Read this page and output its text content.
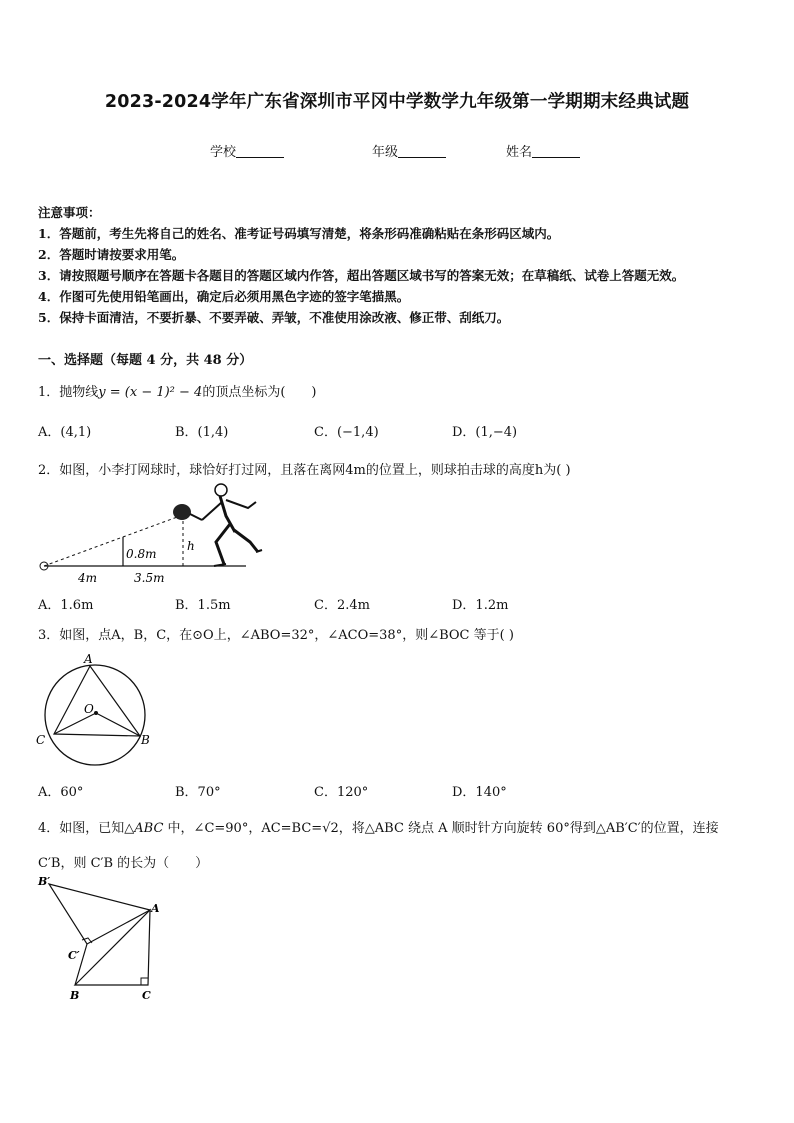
2023-2024学年广东省深圳市平冈中学数学九年级第一学期期末经典试题
学校	年级	姓名
注意事项：
1．答题前，考生先将自己的姓名、准考证号码填写清楚，将条形码准确粘贴在条形码区域内。
2．答题时请按要求用笔。
3．请按照题号顺序在答题卡各题目的答题区域内作答，超出答题区域书写的答案无效；在草稿纸、试卷上答题无效。
4．作图可先使用铅笔画出，确定后必须用黑色字迹的签字笔描黑。
5．保持卡面清洁，不要折暴、不要弄破、弄皱，不准使用涂改液、修正带、刮纸刀。
一、选择题（每题 4 分，共 48 分）
1．抛物线y = (x − 1)² − 4的顶点坐标为(　　)
A．(4,1)	B．(1,4)	C．(−1,4)	D．(1,−4)
2．如图，小李打网球时，球恰好打过网，且落在离网4m的位置上，则球拍击球的高度h为( )
0.8m
h
4m	3.5m
A．1.6m	B．1.5m	C．2.4m	D．1.2m
3．如图，点A，B，C，在⊙O上，∠ABO=32°，∠ACO=38°，则∠BOC 等于( )
A
O
C	B
A．60°	B．70°	C．120°	D．140°
4．如图，已知△ABC 中，∠C=90°，AC=BC=√2，将△ABC 绕点 A 顺时针方向旋转 60°得到△AB′C′的位置，连接
C′B，则 C′B 的长为（　　）
B′
A
C′
B	C
